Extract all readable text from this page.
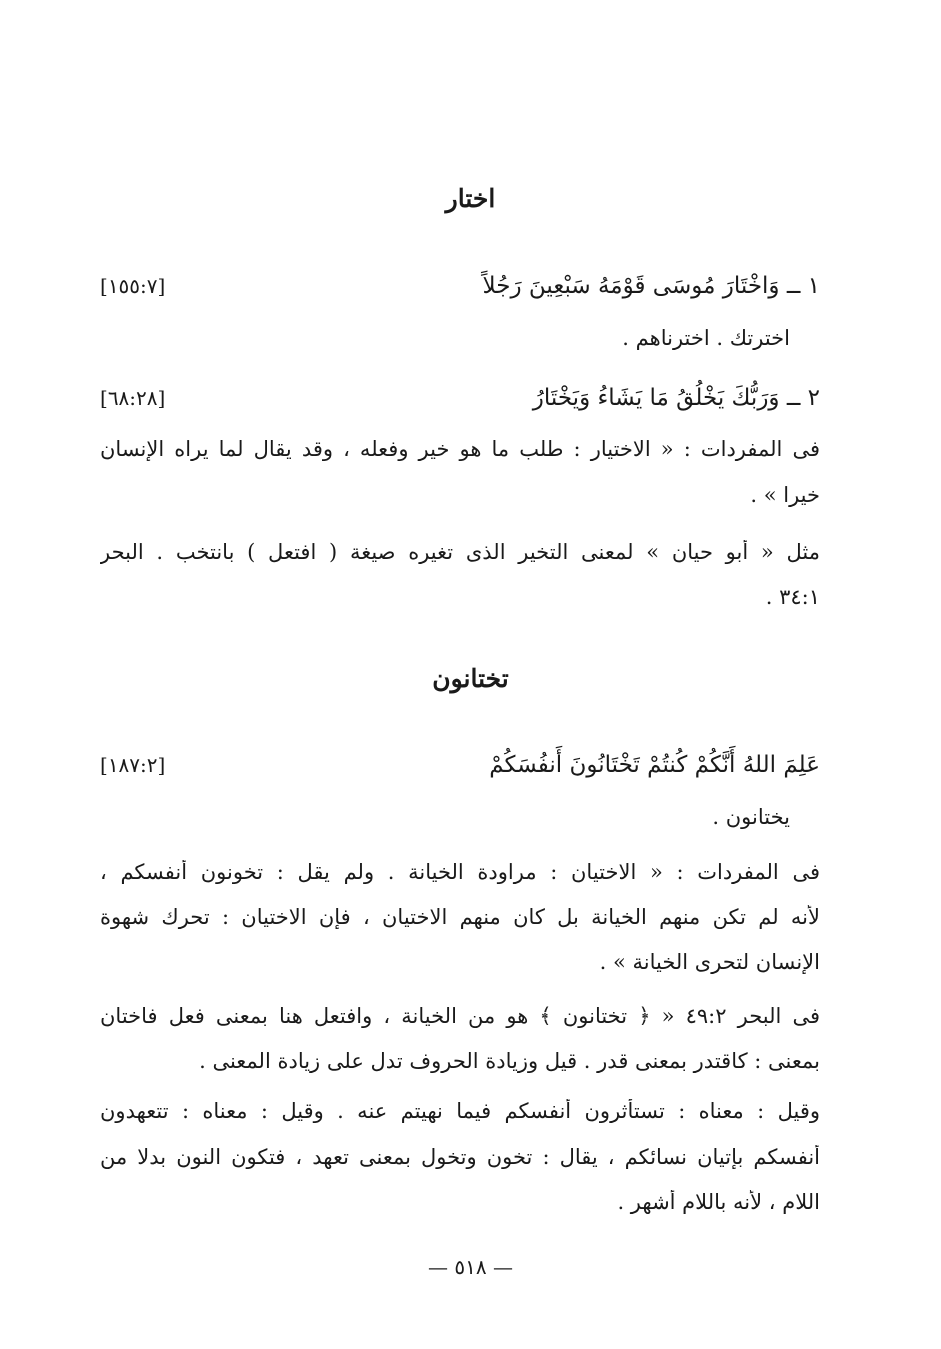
اختار
١ ــ وَاخْتَارَ مُوسَى قَوْمَهُ سَبْعِينَ رَجُلاً
[١٥٥:٧]
اخترتك . اخترناهم .
٢ ــ وَرَبُّكَ يَخْلُقُ مَا يَشَاءُ وَيَخْتَارُ
[٦٨:٢٨]
فى المفردات : « الاختيار : طلب ما هو خير وفعله ، وقد يقال لما يراه الإنسان
خيرا » .
مثل « أبو حيان » لمعنى التخير الذى تغيره صيغة ( افتعل ) بانتخب . البحر
٣٤:١ .
تختانون
عَلِمَ اللهُ أَنَّكُمْ كُنتُمْ تَخْتَانُونَ أَنفُسَكُمْ
[١٨٧:٢]
يختانون .
فى المفردات : « الاختيان : مراودة الخيانة . ولم يقل : تخونون أنفسكم ،
لأنه لم تكن منهم الخيانة بل كان منهم الاختيان ، فإن الاختيان : تحرك شهوة
الإنسان لتحرى الخيانة » .
فى البحر ٤٩:٢ « ﴿ تختانون ﴾ هو من الخيانة ، وافتعل هنا بمعنى فعل فاختان
بمعنى : كاقتدر بمعنى قدر . قيل وزيادة الحروف تدل على زيادة المعنى .
وقيل : معناه : تستأثرون أنفسكم فيما نهيتم عنه . وقيل : معناه : تتعهدون
أنفسكم بإتيان نسائكم ، يقال : تخون وتخول بمعنى تعهد ، فتكون النون بدلا من
اللام ، لأنه باللام أشهر .
— ٥١٨ —
